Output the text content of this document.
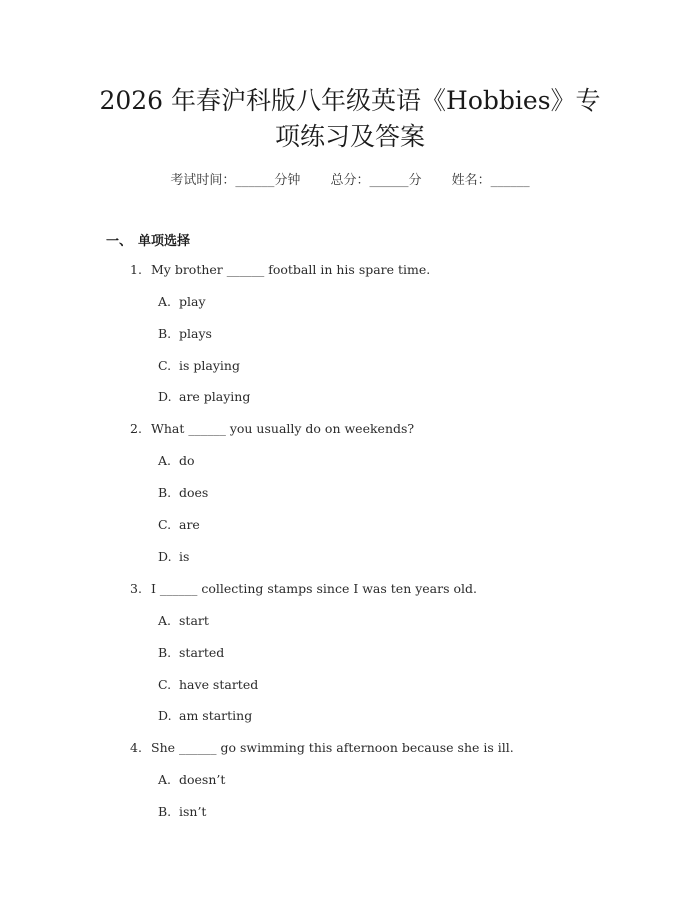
2026 年春沪科版八年级英语《Hobbies》专
项练习及答案
考试时间：______分钟 总分：______分 姓名：______
一、 单项选择
1. My brother ______ football in his spare time.
A. play
B. plays
C. is playing
D. are playing
2. What ______ you usually do on weekends?
A. do
B. does
C. are
D. is
3. I ______ collecting stamps since I was ten years old.
A. start
B. started
C. have started
D. am starting
4. She ______ go swimming this afternoon because she is ill.
A. doesn’t
B. isn’t
